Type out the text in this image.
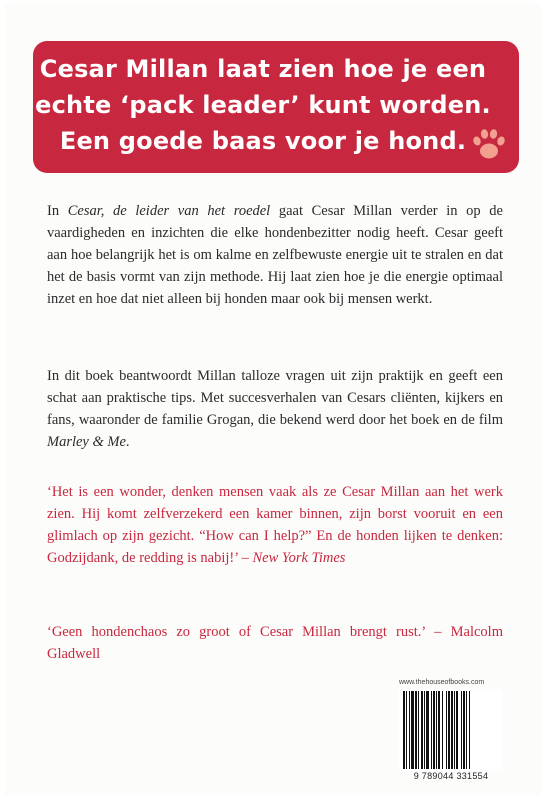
Cesar Millan laat zien hoe je een
echte ‘pack leader’ kunt worden.
Een goede baas voor je hond.
In Cesar, de leider van het roedel gaat Cesar Millan verder in op de vaardigheden en inzichten die elke hondenbezitter nodig heeft. Cesar geeft aan hoe belangrijk het is om kalme en zelfbewuste energie uit te stralen en dat het de basis vormt van zijn methode. Hij laat zien hoe je die energie optimaal inzet en hoe dat niet alleen bij honden maar ook bij mensen werkt.
In dit boek beantwoordt Millan talloze vragen uit zijn praktijk en geeft een schat aan praktische tips. Met succesverhalen van Cesars cliënten, kijkers en fans, waaronder de familie Grogan, die bekend werd door het boek en de film Marley & Me.
‘Het is een wonder, denken mensen vaak als ze Cesar Millan aan het werk zien. Hij komt zelfverzekerd een kamer binnen, zijn borst vooruit en een glimlach op zijn gezicht. “How can I help?” En de honden lijken te denken: Godzijdank, de redding is nabij!’ – New York Times
‘Geen hondenchaos zo groot of Cesar Millan brengt rust.’ – Malcolm Gladwell
www.thehouseofbooks.com
9 789044 331554
